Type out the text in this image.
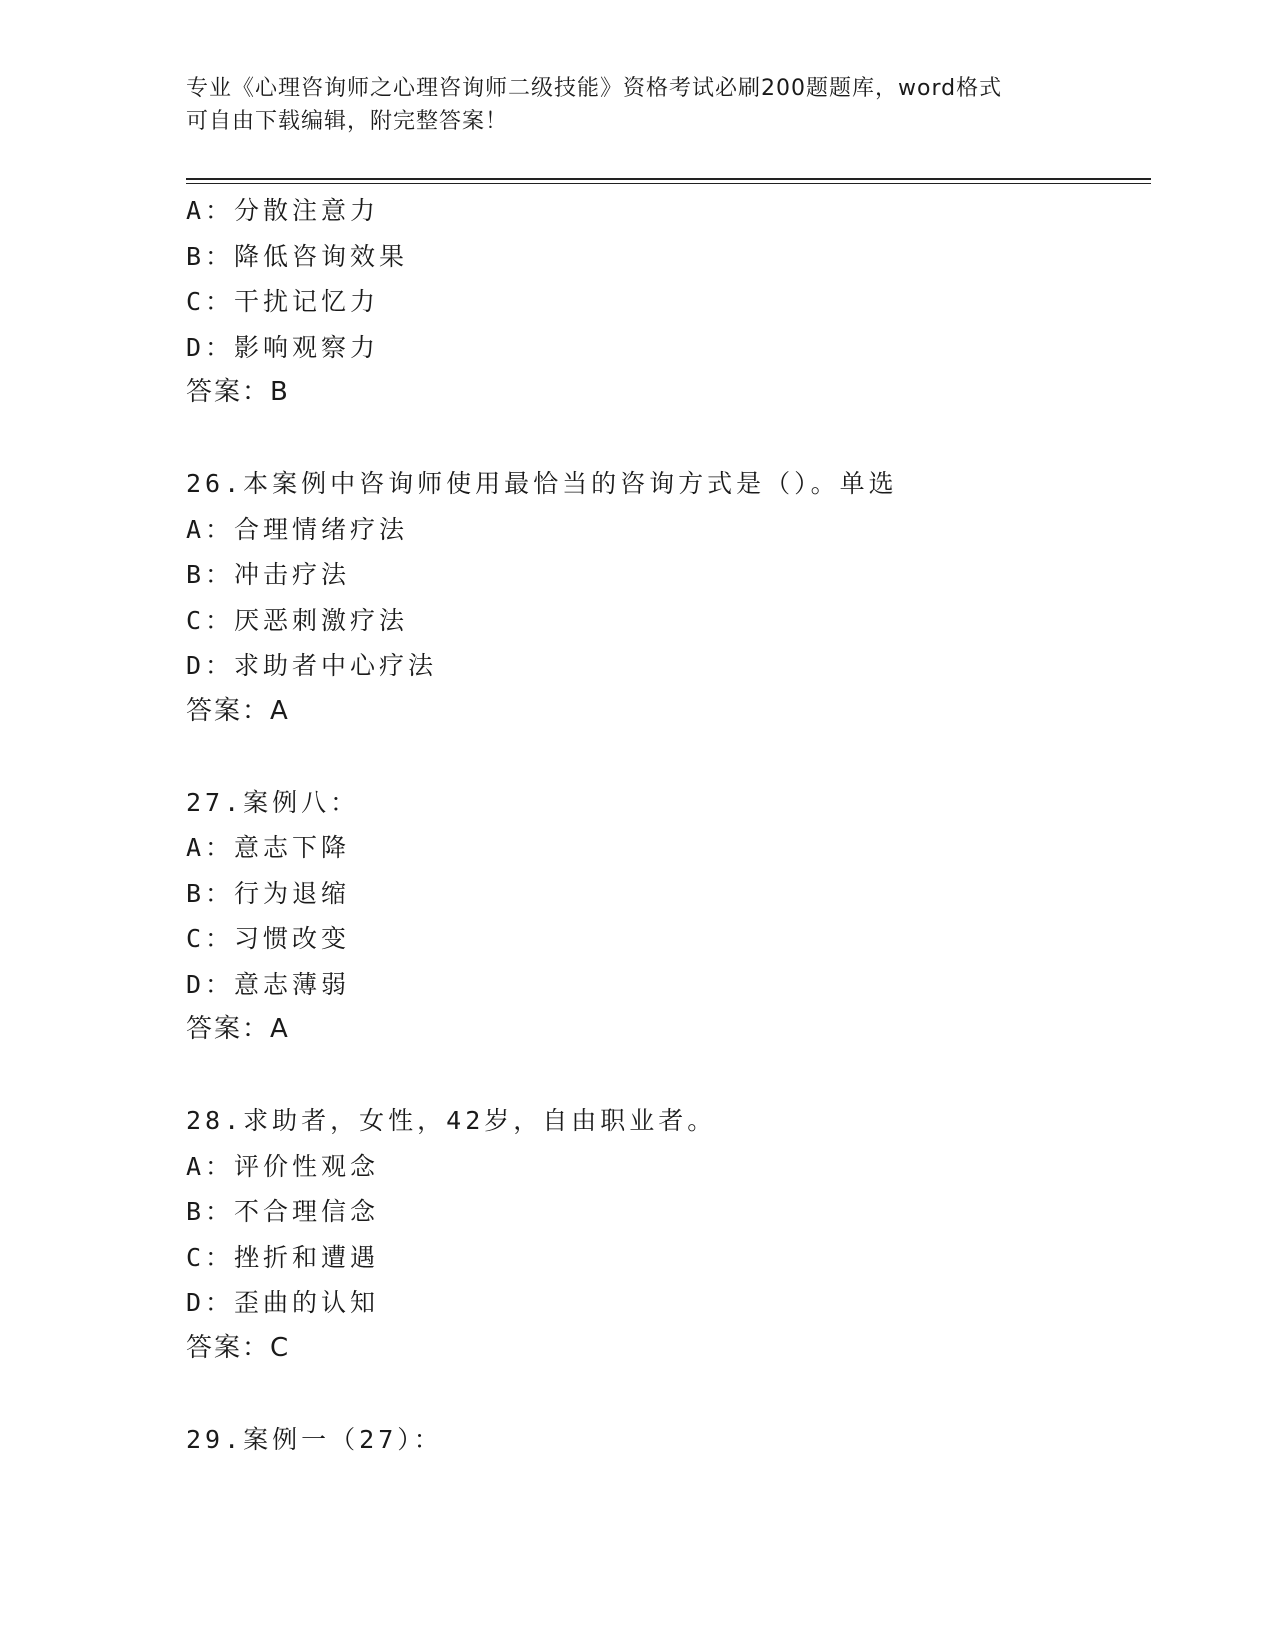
专业《心理咨询师之心理咨询师二级技能》资格考试必刷200题题库，word格式
可自由下载编辑，附完整答案！
A：分散注意力
B：降低咨询效果
C：干扰记忆力
D：影响观察力
答案：B
26.本案例中咨询师使用最恰当的咨询方式是（）。单选
A：合理情绪疗法
B：冲击疗法
C：厌恶刺激疗法
D：求助者中心疗法
答案：A
27.案例八：
A：意志下降
B：行为退缩
C：习惯改变
D：意志薄弱
答案：A
28.求助者，女性，42岁，自由职业者。
A：评价性观念
B：不合理信念
C：挫折和遭遇
D：歪曲的认知
答案：C
29.案例一（27）：
